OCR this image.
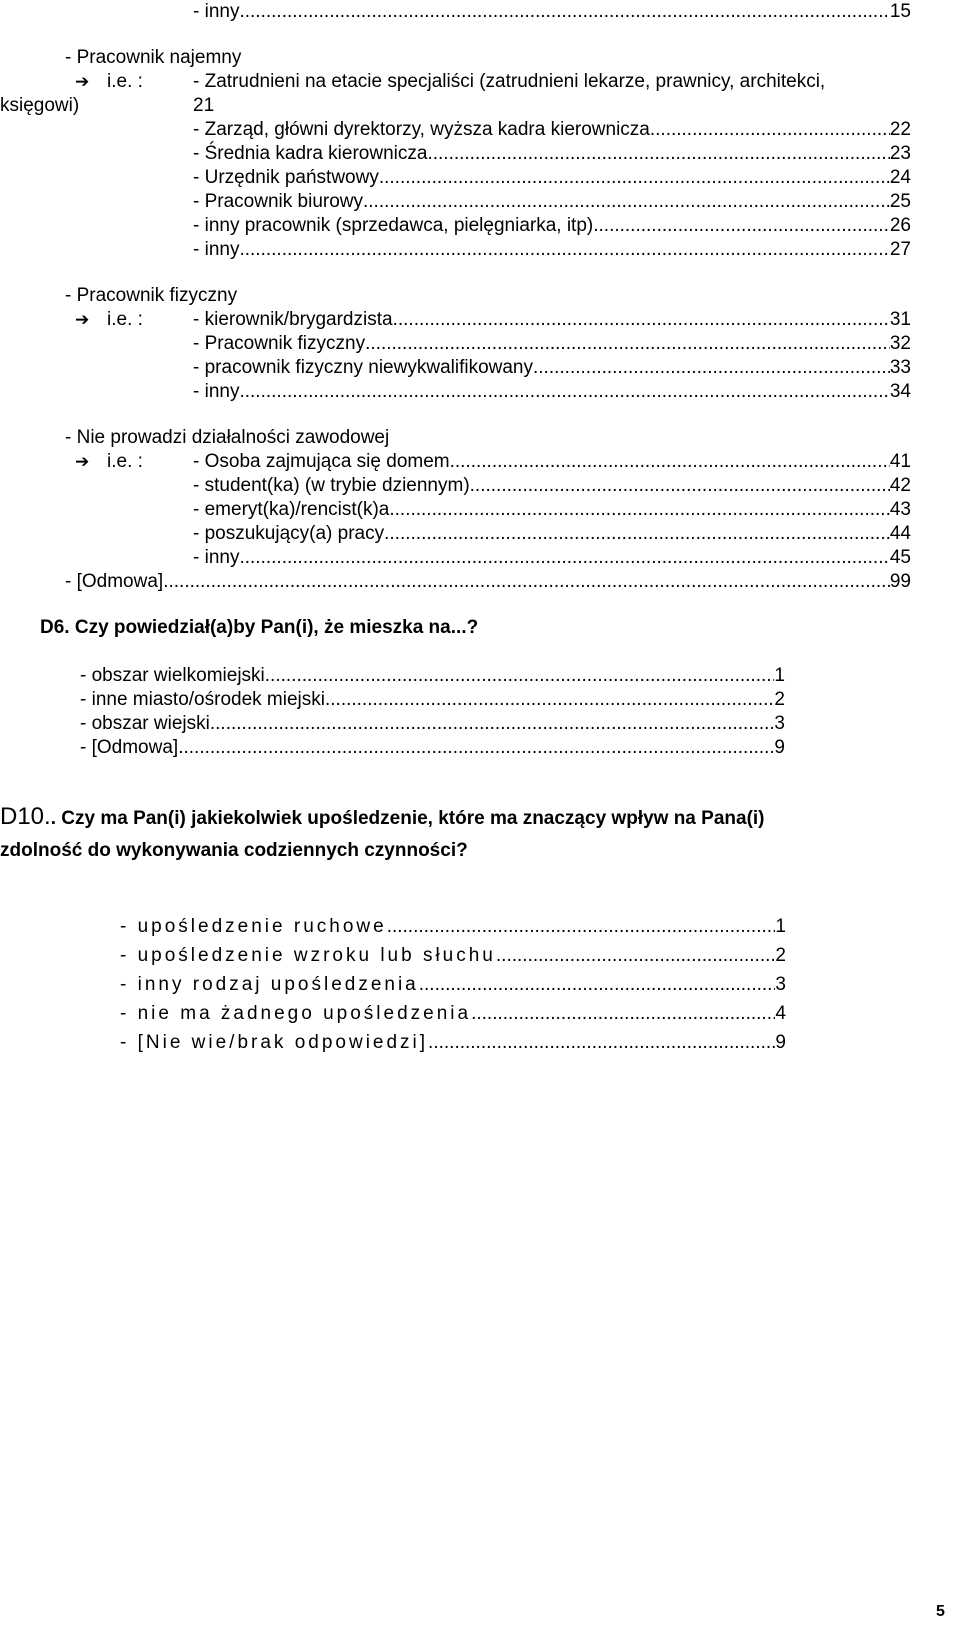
- inny .....	15
- Pracownik najemny
➔ i.e. :	- Zatrudnieni na etacie specjaliści (zatrudnieni lekarze, prawnicy, architekci,
księgowi)	21
- Zarząd, główni dyrektorzy, wyższa kadra kierownicza .....	22
- Średnia kadra kierownicza .....	23
- Urzędnik państwowy .....	24
- Pracownik biurowy .....	25
- inny pracownik (sprzedawca, pielęgniarka, itp) .....	26
- inny .....	27
- Pracownik fizyczny
➔ i.e. :	- kierownik/brygardzista .....	31
- Pracownik fizyczny .....	32
- pracownik fizyczny niewykwalifikowany .....	33
- inny .....	34
- Nie prowadzi działalności zawodowej
➔ i.e. :	- Osoba zajmująca się domem .....	41
- student(ka) (w trybie dziennym) .....	42
- emeryt(ka)/rencist(k)a .....	43
- poszukujący(a) pracy .....	44
- inny .....	45
- [Odmowa] .....	99
D6. Czy powiedział(a)by Pan(i), że mieszka na...?
- obszar wielkomiejski .....	1
- inne miasto/ośrodek miejski .....	2
- obszar wiejski .....	3
- [Odmowa] .....	9
D10.. Czy ma Pan(i) jakiekolwiek upośledzenie, które ma znaczący wpływ na Pana(i)
zdolność do wykonywania codziennych czynności?
- upośledzenie ruchowe .....	1
- upośledzenie wzroku lub słuchu .....	2
- inny rodzaj upośledzenia .....	3
- nie ma żadnego upośledzenia .....	4
- [Nie wie/brak odpowiedzi] .....	9
5
